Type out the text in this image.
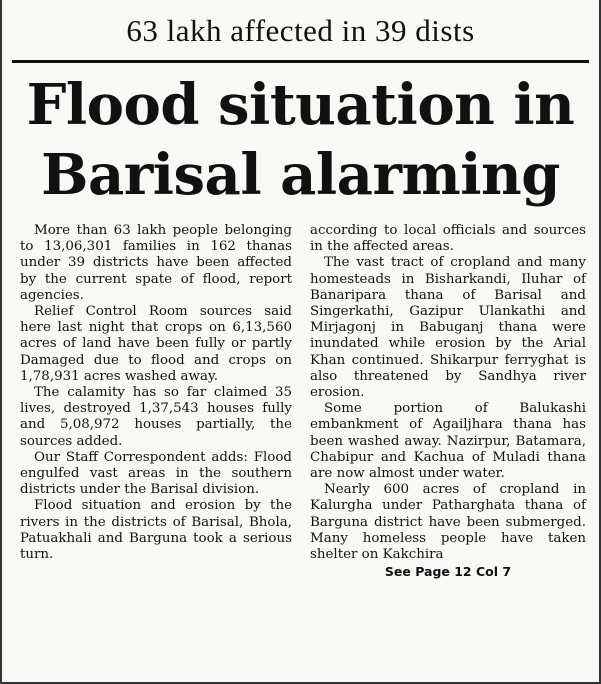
63 lakh affected in 39 dists
Flood situation in
Barisal alarming

More than 63 lakh people belonging to 13,06,301 families in 162 thanas under 39 districts have been affected by the current spate of flood, report agencies.

Relief Control Room sources said here last night that crops on 6,13,560 acres of land have been fully or partly Damaged due to flood and crops on 1,78,931 acres washed away.

The calamity has so far claimed 35 lives, destroyed 1,37,543 houses fully and 5,08,972 houses partially, the sources added.

Our Staff Correspondent adds: Flood engulfed vast areas in the southern districts under the Barisal division.

Flood situation and erosion by the rivers in the districts of Barisal, Bhola, Patuakhali and Barguna took a serious turn.

according to local officials and sources in the affected areas.

The vast tract of cropland and many homesteads in Bisharkandi, Iluhar of Banaripara thana of Barisal and Singerkathi, Gazipur Ulankathi and Mirjagonj in Babuganj thana were inundated while erosion by the Arial Khan continued. Shikarpur ferryghat is also threatened by Sandhya river erosion.

Some portion of Balukashi embankment of Agailjhara thana has been washed away. Nazirpur, Batamara, Chabipur and Kachua of Muladi thana are now almost under water.

Nearly 600 acres of cropland in Kalurgha under Patharghata thana of Barguna district have been submerged. Many homeless people have taken shelter on Kakchira

See Page 12 Col 7
